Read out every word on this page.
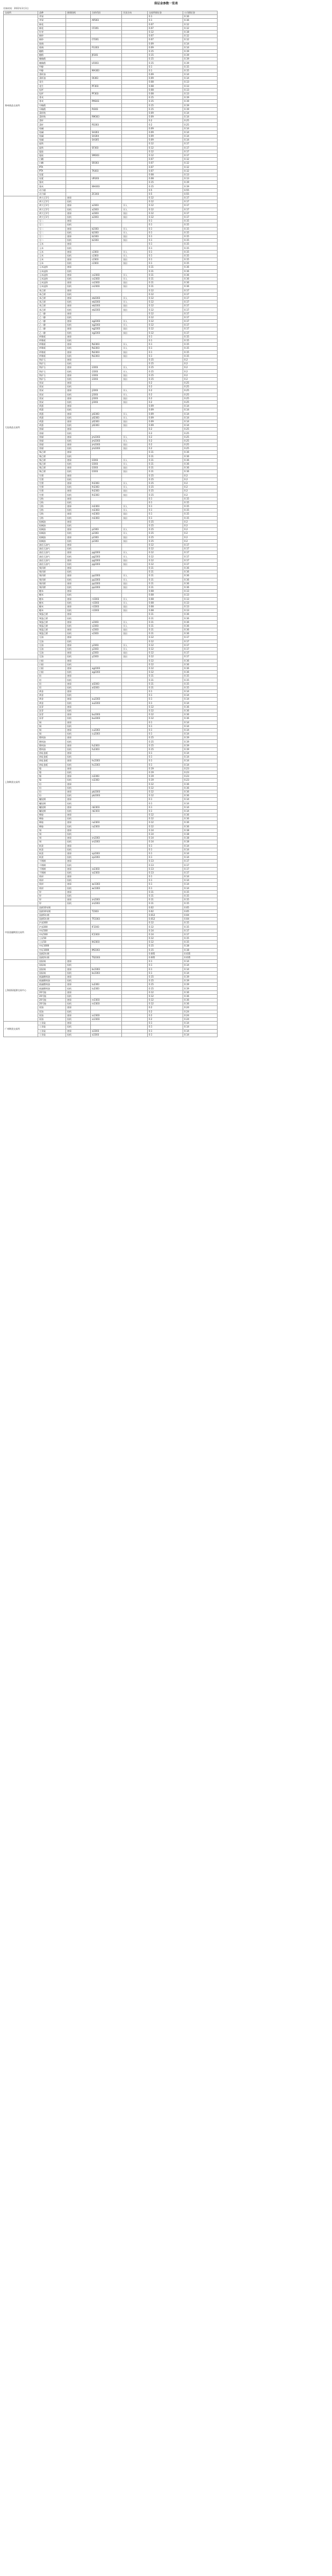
保证金参数一览表
更新时间：2022年3月3日
交易所	品种	套保投机	合约代码	买卖方向	交易所保证金	公司保证金
郑州商品交易所	苹果				0.1	0.16
	苹果		AP303		0.1	0.16
	棉花				0.07	0.12
	棉花		CF201		0.07	0.12
	红枣				0.12	0.18
	棉纱				0.07	0.12
	棉纱		CY201		0.07	0.12
	玻璃				0.09	0.14
	玻璃		FG303		0.09	0.14
	粳稻				0.15	0.19
	粳稻		JR301		0.15	0.19
	晚籼稻				0.15	0.19
	晚籼稻		LR303		0.15	0.19
	甲醇				0.1	0.15
	甲醇		MA303		0.1	0.15
	菜籽油				0.09	0.14
	菜籽油		OI303		0.09	0.14
	花生				0.08	0.13
	花生		PF303		0.08	0.13
	短纤				0.08	0.13
	短纤		PF303		0.08	0.13
	普麦				0.15	0.19
	普麦		PM303		0.15	0.19
	早籼稻				0.15	0.19
	早籼稻		RI303		0.15	0.19
	菜籽粕				0.09	0.14
	菜籽粕		RM303		0.09	0.14
	菜籽				0.2	0.25
	菜籽		RS303		0.2	0.25
	纯碱				0.09	0.14
	纯碱		SA303		0.09	0.14
	纯碱		SA304		0.09	0.14
	纯碱		SA305		0.09	0.14
	硅铁				0.12	0.17
	硅铁		SF303		0.12	0.17
	锰硅				0.12	0.17
	锰硅		SM303		0.12	0.17
	白糖				0.07	0.12
	白糖		SR303		0.07	0.12
	PTA				0.07	0.12
	PTA		TA303		0.07	0.12
	尿素				0.08	0.13
	尿素		UR303		0.08	0.13
	强麦				0.15	0.19
	强麦		WH303		0.15	0.19
	动力煤				0.5	0.55
	动力煤		ZC303		0.5	0.55
大连商品交易所	黄大豆1号	套保			0.12	0.17
	黄大豆1号	投机			0.12	0.17
	黄大豆1号	套保	a2303	买入	0.12	0.17
	黄大豆1号	投机	a2303	买入	0.12	0.17
	黄大豆1号	套保	a2303	卖出	0.12	0.17
	黄大豆1号	投机	a2303	卖出	0.12	0.17
	豆二	套保			0.1	0.15
	豆二	投机			0.1	0.15
	豆二	套保	b2303	买入	0.1	0.15
	豆二	投机	b2303	买入	0.1	0.15
	豆二	套保	b2303	卖出	0.1	0.15
	豆二	投机	b2303	卖出	0.1	0.15
	玉米	套保			0.1	0.15
	玉米	投机			0.1	0.15
	玉米	套保	c2303	买入	0.1	0.15
	玉米	投机	c2303	买入	0.1	0.15
	玉米	套保	c2303	卖出	0.1	0.15
	玉米	投机	c2303	卖出	0.1	0.15
	玉米淀粉	套保			0.11	0.16
	玉米淀粉	投机			0.11	0.16
	玉米淀粉	套保	cs2303	买入	0.11	0.16
	玉米淀粉	投机	cs2303	买入	0.11	0.16
	玉米淀粉	套保	cs2303	卖出	0.11	0.16
	玉米淀粉	投机	cs2303	卖出	0.11	0.16
	苯乙烯	套保			0.12	0.17
	苯乙烯	投机			0.12	0.17
	苯乙烯	套保	eb2303	买入	0.12	0.17
	苯乙烯	投机	eb2303	买入	0.12	0.17
	苯乙烯	套保	eb2303	卖出	0.12	0.17
	苯乙烯	投机	eb2303	卖出	0.12	0.17
	乙二醇	套保			0.12	0.17
	乙二醇	投机			0.12	0.17
	乙二醇	套保	eg2303	买入	0.12	0.17
	乙二醇	投机	eg2303	买入	0.12	0.17
	乙二醇	套保	eg2303	卖出	0.12	0.17
	乙二醇	投机	eg2303	卖出	0.12	0.17
	纤维板	套保			0.1	0.15
	纤维板	投机			0.1	0.15
	纤维板	套保	fb2303	买入	0.1	0.15
	纤维板	投机	fb2303	买入	0.1	0.15
	纤维板	套保	fb2303	卖出	0.1	0.15
	纤维板	投机	fb2303	卖出	0.1	0.15
	铁矿石	套保			0.15	0.2
	铁矿石	投机			0.15	0.2
	铁矿石	套保	i2303	买入	0.15	0.2
	铁矿石	投机	i2303	买入	0.15	0.2
	铁矿石	套保	i2303	卖出	0.15	0.2
	铁矿石	投机	i2303	卖出	0.15	0.2
	焦炭	套保			0.2	0.25
	焦炭	投机			0.2	0.25
	焦炭	套保	j2303	买入	0.2	0.25
	焦炭	投机	j2303	买入	0.2	0.25
	焦炭	套保	j2303	卖出	0.2	0.25
	焦炭	投机	j2303	卖出	0.2	0.25
	鸡蛋	套保			0.09	0.14
	鸡蛋	投机			0.09	0.14
	鸡蛋	套保	jd2303	买入	0.09	0.14
	鸡蛋	投机	jd2303	买入	0.09	0.14
	鸡蛋	套保	jd2303	卖出	0.09	0.14
	鸡蛋	投机	jd2303	卖出	0.09	0.14
	焦煤	套保			0.2	0.25
	焦煤	投机			0.2	0.25
	焦煤	套保	jm2303	买入	0.2	0.25
	焦煤	投机	jm2303	买入	0.2	0.25
	焦煤	套保	jm2303	卖出	0.2	0.25
	焦煤	投机	jm2303	卖出	0.2	0.25
	聚乙烯	套保			0.11	0.16
	聚乙烯	投机			0.11	0.16
	聚乙烯	套保	l2303	买入	0.11	0.16
	聚乙烯	投机	l2303	买入	0.11	0.16
	聚乙烯	套保	l2303	卖出	0.11	0.16
	聚乙烯	投机	l2303	卖出	0.11	0.16
	生猪	套保			0.15	0.2
	生猪	投机			0.15	0.2
	生猪	套保	lh2303	买入	0.15	0.2
	生猪	投机	lh2303	买入	0.15	0.2
	生猪	套保	lh2303	卖出	0.15	0.2
	生猪	投机	lh2303	卖出	0.15	0.2
	豆粕	套保			0.1	0.15
	豆粕	投机			0.1	0.15
	豆粕	套保	m2303	买入	0.1	0.15
	豆粕	投机	m2303	买入	0.1	0.15
	豆粕	套保	m2303	卖出	0.1	0.15
	豆粕	投机	m2303	卖出	0.1	0.15
	棕榈油	套保			0.15	0.2
	棕榈油	投机			0.15	0.2
	棕榈油	套保	p2303	买入	0.15	0.2
	棕榈油	投机	p2303	买入	0.15	0.2
	棕榈油	套保	p2303	卖出	0.15	0.2
	棕榈油	投机	p2303	卖出	0.15	0.2
	液化石油气	套保			0.12	0.17
	液化石油气	投机			0.12	0.17
	液化石油气	套保	pg2303	买入	0.12	0.17
	液化石油气	投机	pg2303	买入	0.12	0.17
	液化石油气	套保	pg2303	卖出	0.12	0.17
	液化石油气	投机	pg2303	卖出	0.12	0.17
	聚丙烯	套保			0.11	0.16
	聚丙烯	投机			0.11	0.16
	聚丙烯	套保	pp2303	买入	0.11	0.16
	聚丙烯	投机	pp2303	买入	0.11	0.16
	聚丙烯	套保	pp2303	卖出	0.11	0.16
	聚丙烯	投机	pp2303	卖出	0.11	0.16
	粳米	套保			0.08	0.13
	粳米	投机			0.08	0.13
	粳米	套保	rr2303	买入	0.08	0.13
	粳米	投机	rr2303	买入	0.08	0.13
	粳米	套保	rr2303	卖出	0.08	0.13
	粳米	投机	rr2303	卖出	0.08	0.13
	聚氯乙烯	套保			0.11	0.16
	聚氯乙烯	投机			0.11	0.16
	聚氯乙烯	套保	v2303	买入	0.11	0.16
	聚氯乙烯	投机	v2303	买入	0.11	0.16
	聚氯乙烯	套保	v2303	卖出	0.11	0.16
	聚氯乙烯	投机	v2303	卖出	0.11	0.16
	豆油	套保			0.12	0.17
	豆油	投机			0.12	0.17
	豆油	套保	y2303	买入	0.12	0.17
	豆油	投机	y2303	买入	0.12	0.17
	豆油	套保	y2303	卖出	0.12	0.17
	豆油	投机	y2303	卖出	0.12	0.17
上海期货交易所	白银	套保			0.12	0.16
	白银	投机			0.12	0.16
	白银	套保	ag2303		0.12	0.16
	白银	投机	ag2303		0.12	0.16
	铝	套保			0.11	0.15
	铝	投机			0.11	0.15
	铝	套保	al2303		0.11	0.15
	铝	投机	al2303		0.11	0.15
	黄金	套保			0.1	0.14
	黄金	投机			0.1	0.14
	黄金	套保	au2303		0.1	0.14
	黄金	投机	au2303		0.1	0.14
	沥青	套保			0.12	0.16
	沥青	投机			0.12	0.16
	沥青	套保	bu2303		0.12	0.16
	沥青	投机	bu2303		0.12	0.16
	铜	套保			0.1	0.14
	铜	投机			0.1	0.14
	铜	套保	cu2303		0.1	0.14
	铜	投机	cu2303		0.1	0.14
	燃料油	套保			0.15	0.19
	燃料油	投机			0.15	0.19
	燃料油	套保	fu2303		0.15	0.19
	燃料油	投机	fu2303		0.15	0.19
	热轧卷板	套保			0.1	0.14
	热轧卷板	投机			0.1	0.14
	热轧卷板	套保	hc2303		0.1	0.14
	热轧卷板	投机	hc2303		0.1	0.14
	镍	套保			0.19	0.23
	镍	投机			0.19	0.23
	镍	套保	ni2303		0.19	0.23
	镍	投机	ni2303		0.19	0.23
	铅	套保			0.12	0.16
	铅	投机			0.12	0.16
	铅	套保	pb2303		0.12	0.16
	铅	投机	pb2303		0.12	0.16
	螺纹钢	套保			0.1	0.14
	螺纹钢	投机			0.1	0.14
	螺纹钢	套保	rb2303		0.1	0.14
	螺纹钢	投机	rb2303		0.1	0.14
	橡胶	套保			0.12	0.16
	橡胶	投机			0.12	0.16
	橡胶	套保	ru2303		0.12	0.16
	橡胶	投机	ru2303		0.12	0.16
	锡	套保			0.14	0.18
	锡	投机			0.14	0.18
	锡	套保	sn2303		0.14	0.18
	锡	投机	sn2303		0.14	0.18
	纸浆	套保			0.1	0.14
	纸浆	投机			0.1	0.14
	纸浆	套保	sp2303		0.1	0.14
	纸浆	投机	sp2303		0.1	0.14
	不锈钢	套保			0.13	0.17
	不锈钢	投机			0.13	0.17
	不锈钢	套保	ss2303		0.13	0.17
	不锈钢	投机	ss2303		0.13	0.17
	线材	套保			0.1	0.14
	线材	投机			0.1	0.14
	线材	套保	wr2303		0.1	0.14
	线材	投机	wr2303		0.1	0.14
	锌	套保			0.11	0.15
	锌	投机			0.11	0.15
	锌	套保	zn2303		0.11	0.15
	锌	投机	zn2303		0.11	0.15
中国金融期货交易所	国债10年期				0.02	0.05
	国债10年期		T2303		0.02	0.05
	国债5年期				0.012	0.04
	国债5年期		TF2303		0.012	0.04
	沪深300				0.12	0.15
	沪深300		IF2303		0.12	0.15
	中证500				0.14	0.17
	中证500		IC2303		0.14	0.17
	上证50				0.12	0.15
	上证50		IH2303		0.12	0.15
	中证1000				0.15	0.18
	中证1000		IM2303		0.15	0.18
	国债2年期				0.005	0.035
	国债2年期		TS2303		0.005	0.035
上海国际能源交易中心	国际铜	套保			0.1	0.14
	国际铜	投机			0.1	0.14
	国际铜	套保	bc2303		0.1	0.14
	国际铜	投机	bc2303		0.1	0.14
	低硫燃料油	套保			0.15	0.19
	低硫燃料油	投机			0.15	0.19
	低硫燃料油	套保	lu2303		0.15	0.19
	低硫燃料油	投机	lu2303		0.15	0.19
	20号胶	套保			0.12	0.16
	20号胶	投机			0.12	0.16
	20号胶	套保	nr2303		0.12	0.16
	20号胶	投机	nr2303		0.12	0.16
	原油	套保			0.2	0.24
	原油	投机			0.2	0.24
	原油	套保	sc2303		0.2	0.24
	原油	投机	sc2303		0.2	0.24
广州期货交易所	工业硅	套保			0.1	0.14
	工业硅	投机			0.1	0.14
	工业硅	套保	si2303		0.1	0.14
	工业硅	投机	si2303		0.1	0.14
